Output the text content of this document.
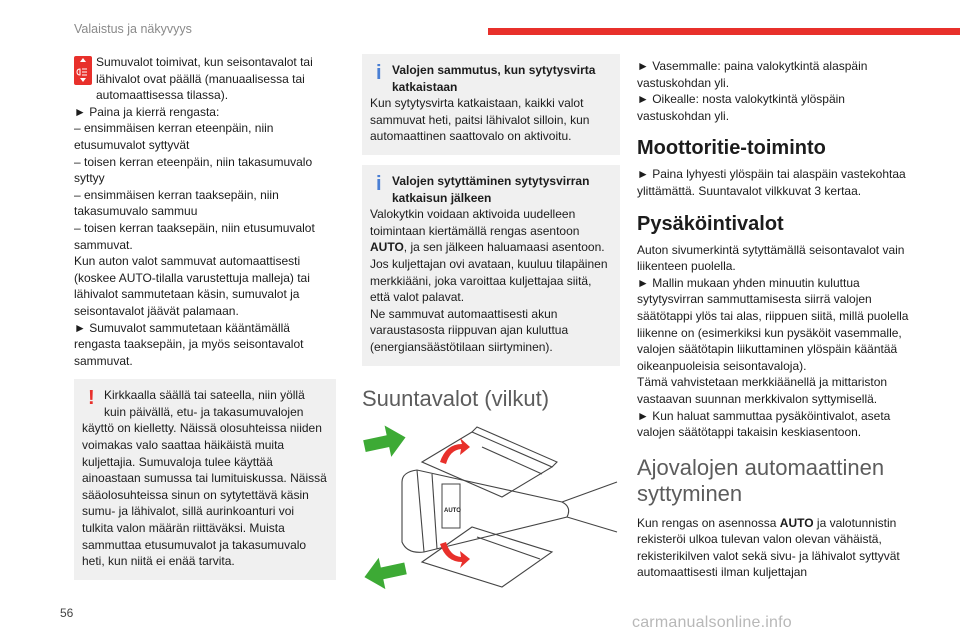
Valaistus ja näkyvyys

Sumuvalot toimivat, kun seisontavalot tai lähivalot ovat päällä (manuaalisessa tai automaattisessa tilassa).

► Paina ja kierrä rengasta:

– ensimmäisen kerran eteenpäin, niin etusumuvalot syttyvät

– toisen kerran eteenpäin, niin takasumuvalo syttyy

– ensimmäisen kerran taaksepäin, niin takasumuvalo sammuu

– toisen kerran taaksepäin, niin etusumuvalot sammuvat.

Kun auton valot sammuvat automaattisesti (koskee AUTO-tilalla varustettuja malleja) tai lähivalot sammutetaan käsin, sumuvalot ja seisontavalot jäävät palamaan.

► Sumuvalot sammutetaan kääntämällä rengasta taaksepäin, ja myös seisontavalot sammuvat.

! Kirkkaalla säällä tai sateella, niin yöllä kuin päivällä, etu- ja takasumuvalojen

käyttö on kielletty. Näissä olosuhteissa niiden voimakas valo saattaa häikäistä muita kuljettajia. Sumuvaloja tulee käyttää ainoastaan sumussa tai lumituiskussa. Näissä sääolosuhteissa sinun on sytytettävä käsin sumu- ja lähivalot, sillä aurinkoanturi voi tulkita valon määrän riittäväksi. Muista sammuttaa etusumuvalot ja takasumuvalo heti, kun niitä ei enää tarvita.

i Valojen sammutus, kun sytytysvirta katkaistaan

Kun sytytysvirta katkaistaan, kaikki valot sammuvat heti, paitsi lähivalot silloin, kun automaattinen saattovalo on aktivoitu.

i Valojen sytyttäminen sytytysvirran katkaisun jälkeen

Valokytkin voidaan aktivoida uudelleen toimintaan kiertämällä rengas asentoon AUTO, ja sen jälkeen haluamaasi asentoon. Jos kuljettajan ovi avataan, kuuluu tilapäinen merkkiääni, joka varoittaa kuljettajaa siitä, että valot palavat.

Ne sammuvat automaattisesti akun varaustasosta riippuvan ajan kuluttua (energiansäästötilaan siirtyminen).

Suuntavalot (vilkut)
AUTO

► Vasemmalle: paina valokytkintä alaspäin vastuskohdan yli.

► Oikealle: nosta valokytkintä ylöspäin vastuskohdan yli.

Moottoritie-toiminto

► Paina lyhyesti ylöspäin tai alaspäin vastekohtaa ylittämättä. Suuntavalot vilkkuvat 3 kertaa.

Pysäköintivalot

Auton sivumerkintä sytyttämällä seisontavalot vain liikenteen puolella.

► Mallin mukaan yhden minuutin kuluttua sytytysvirran sammuttamisesta siirrä valojen säätötappi ylös tai alas, riippuen siitä, millä puolella liikenne on (esimerkiksi kun pysäköit vasemmalle, valojen säätötapin liikuttaminen ylöspäin kääntää oikeanpuoleisia seisontavaloja).

Tämä vahvistetaan merkkiäänellä ja mittariston vastaavan suunnan merkkivalon syttymisellä.

► Kun haluat sammuttaa pysäköintivalot, aseta valojen säätötappi takaisin keskiasentoon.

Ajovalojen automaattinen syttyminen

Kun rengas on asennossa AUTO ja valotunnistin rekisteröi ulkoa tulevan valon olevan vähäistä, rekisterikilven valot sekä sivu- ja lähivalot syttyvät automaattisesti ilman kuljettajan

56
carmanualsonline.info
